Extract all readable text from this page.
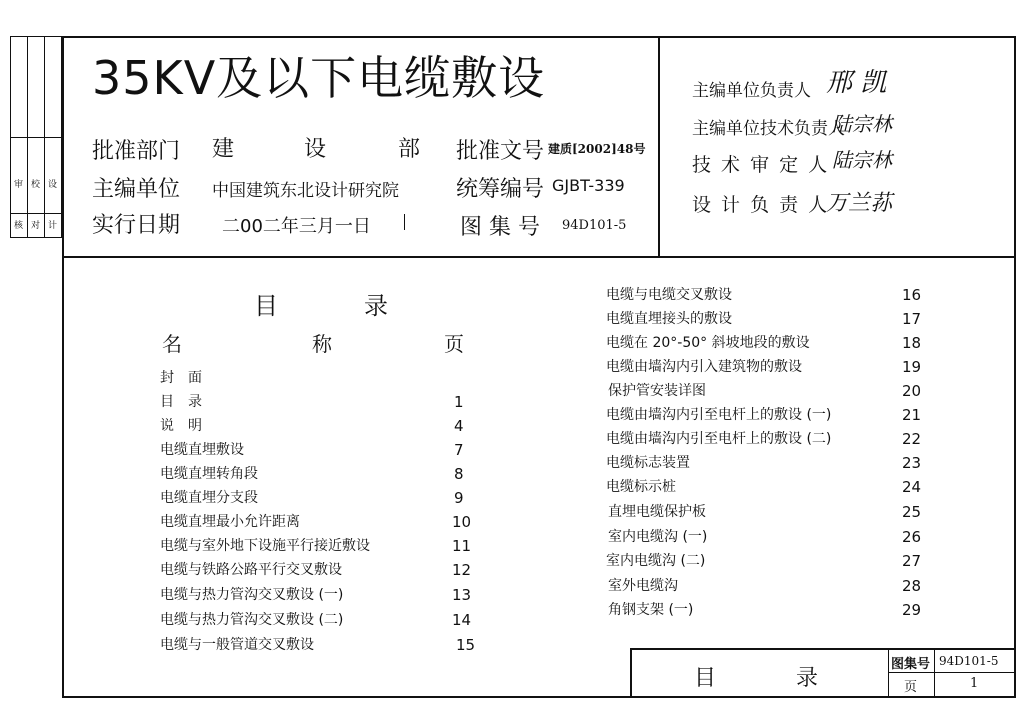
审 校 设
核 对 计
35KV及以下电缆敷设
批准部门 建	设	部 批准文号 建质[2002]48号
主编单位 中国建筑东北设计研究院	统筹编号 GJBT-339
实行日期 二00二年三月一日	图 集 号 94D101-5
主编单位负责人 邢 凯
主编单位技术负责人
陆宗林
技 术 审 定 人 陆宗林
设 计 负 责 人
万兰荪
目	录
名	称	页
封　面
目　录	1
说　明	4
电缆直埋敷设	7
电缆直埋转角段	8
电缆直埋分支段	9
电缆直埋最小允许距离	10
电缆与室外地下设施平行接近敷设	11
电缆与铁路公路平行交叉敷设	12
电缆与热力管沟交叉敷设 (一)	13
电缆与热力管沟交叉敷设 (二)	14
电缆与一般管道交叉敷设	15
电缆与电缆交叉敷设	16
电缆直埋接头的敷设	17
电缆在 20°-50° 斜坡地段的敷设	18
电缆由墙沟内引入建筑物的敷设	19
保护管安装详图	20
电缆由墙沟内引至电杆上的敷设 (一)	21
电缆由墙沟内引至电杆上的敷设 (二)	22
电缆标志装置	23
电缆标示桩	24
直埋电缆保护板	25
室内电缆沟 (一)	26
室内电缆沟 (二)	27
室外电缆沟	28
角钢支架 (一)	29
目	录
图集号 94D101-5
页	1
